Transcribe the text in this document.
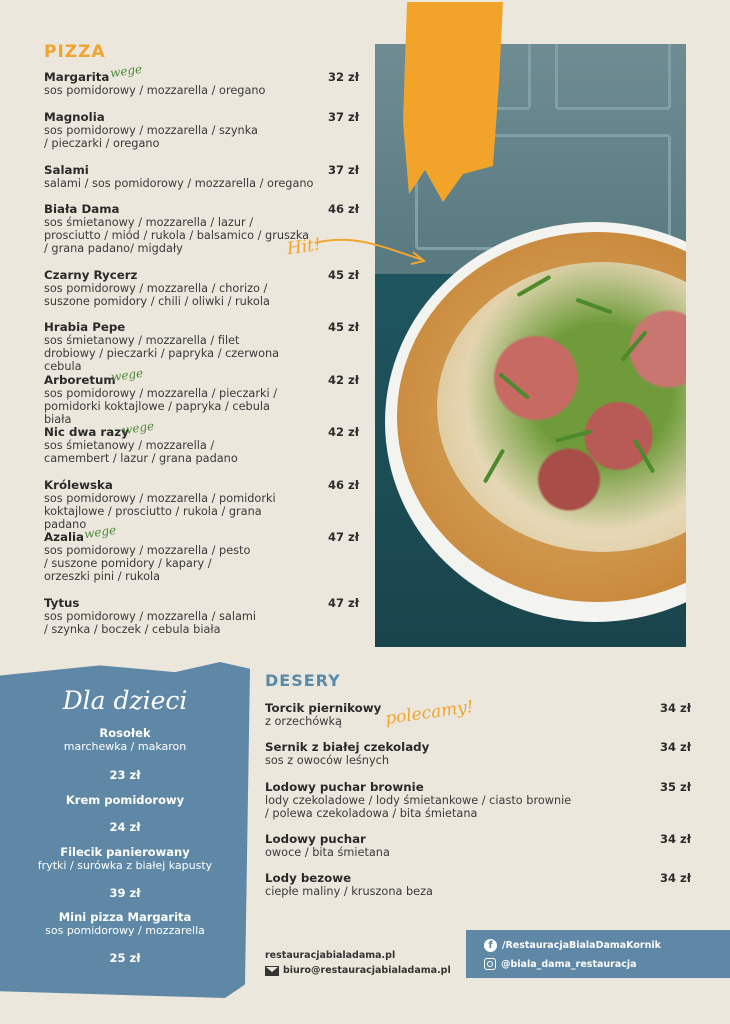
PIZZA
Margarita
sos pomidorowy / mozzarella / oregano
32 zł
wege
Magnolia
sos pomidorowy / mozzarella / szynka / pieczarki / oregano
37 zł
Salami
salami / sos pomidorowy / mozzarella / oregano
37 zł
Biała Dama
sos śmietanowy / mozzarella / lazur / prosciutto / miód / rukola / balsamico / gruszka / grana padano/ migdały
46 zł
Czarny Rycerz
sos pomidorowy / mozzarella / chorizo / suszone pomidory / chili / oliwki / rukola
45 zł
Hrabia Pepe
sos śmietanowy / mozzarella / filet drobiowy / pieczarki / papryka / czerwona cebula
45 zł
Arboretum
sos pomidorowy / mozzarella / pieczarki / pomidorki koktajlowe / papryka / cebula biała
42 zł
wege
Nic dwa razy
sos śmietanowy / mozzarella / camembert / lazur / grana padano
42 zł
wege
Królewska
sos pomidorowy / mozzarella / pomidorki koktajlowe / prosciutto / rukola / grana padano
46 zł
Azalia
sos pomidorowy / mozzarella / pesto / suszone pomidory / kapary / orzeszki pini / rukola
47 zł
wege
Tytus
sos pomidorowy / mozzarella / salami / szynka / boczek / cebula biała
47 zł
Hit!
Dla dzieci
Rosołek
marchewka / makaron
23 zł
Krem pomidorowy
24 zł
Filecik panierowany
frytki / surówka z białej kapusty
39 zł
Mini pizza Margarita
sos pomidorowy / mozzarella
25 zł
DESERY
Torcik piernikowy
z orzechówką
34 zł
polecamy!
Sernik z białej czekolady
sos z owoców leśnych
34 zł
Lodowy puchar brownie
lody czekoladowe / lody śmietankowe / ciasto brownie / polewa czekoladowa / bita śmietana
35 zł
Lodowy puchar
owoce / bita śmietana
34 zł
Lody bezowe
ciepłe maliny / kruszona beza
34 zł
restauracjabialadama.pl
biuro@restauracjabialadama.pl
f /RestauracjaBialaDamaKornik
@biala_dama_restauracja
